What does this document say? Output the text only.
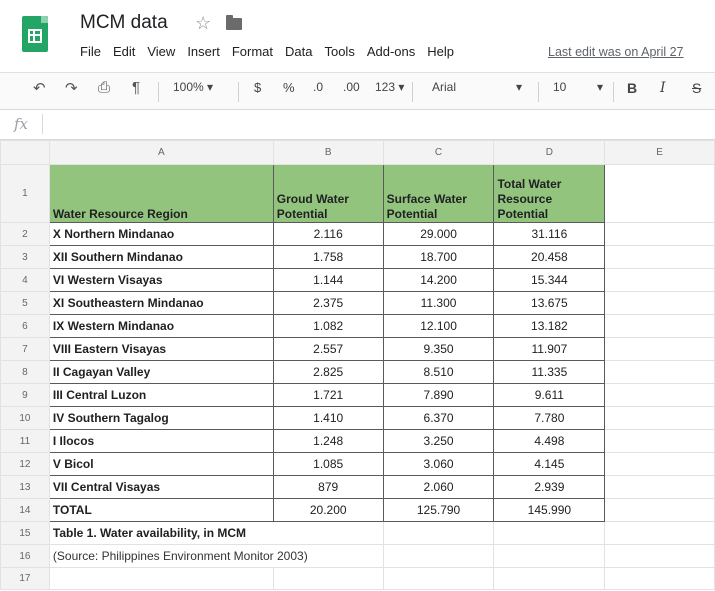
MCM data ☆
File Edit View Insert Format Data Tools Add-ons Help	Last edit was on April 27
↶ ↷ ⎙ ¶	100% ▾	$ % .0 .00 123 ▾ Arial	▾	10	▾ B I S
fx
	A	B	C	D	E
1	Water Resource Region	Groud Water Potential	Surface Water Potential	Total Water Resource Potential	
2	X Northern Mindanao	2.116	29.000	31.116	
3	XII Southern Mindanao	1.758	18.700	20.458	
4	VI Western Visayas	1.144	14.200	15.344	
5	XI Southeastern Mindanao	2.375	11.300	13.675	
6	IX Western Mindanao	1.082	12.100	13.182	
7	VIII Eastern Visayas	2.557	9.350	11.907	
8	II Cagayan Valley	2.825	8.510	11.335	
9	III Central Luzon	1.721	7.890	9.611	
10	IV Southern Tagalog	1.410	6.370	7.780	
11	I Ilocos	1.248	3.250	4.498	
12	V Bicol	1.085	3.060	4.145	
13	VII Central Visayas	879	2.060	2.939	
14	TOTAL	20.200	125.790	145.990	
15	Table 1. Water availability, in MCM				
16	(Source: Philippines Environment Monitor 2003)				
17					
